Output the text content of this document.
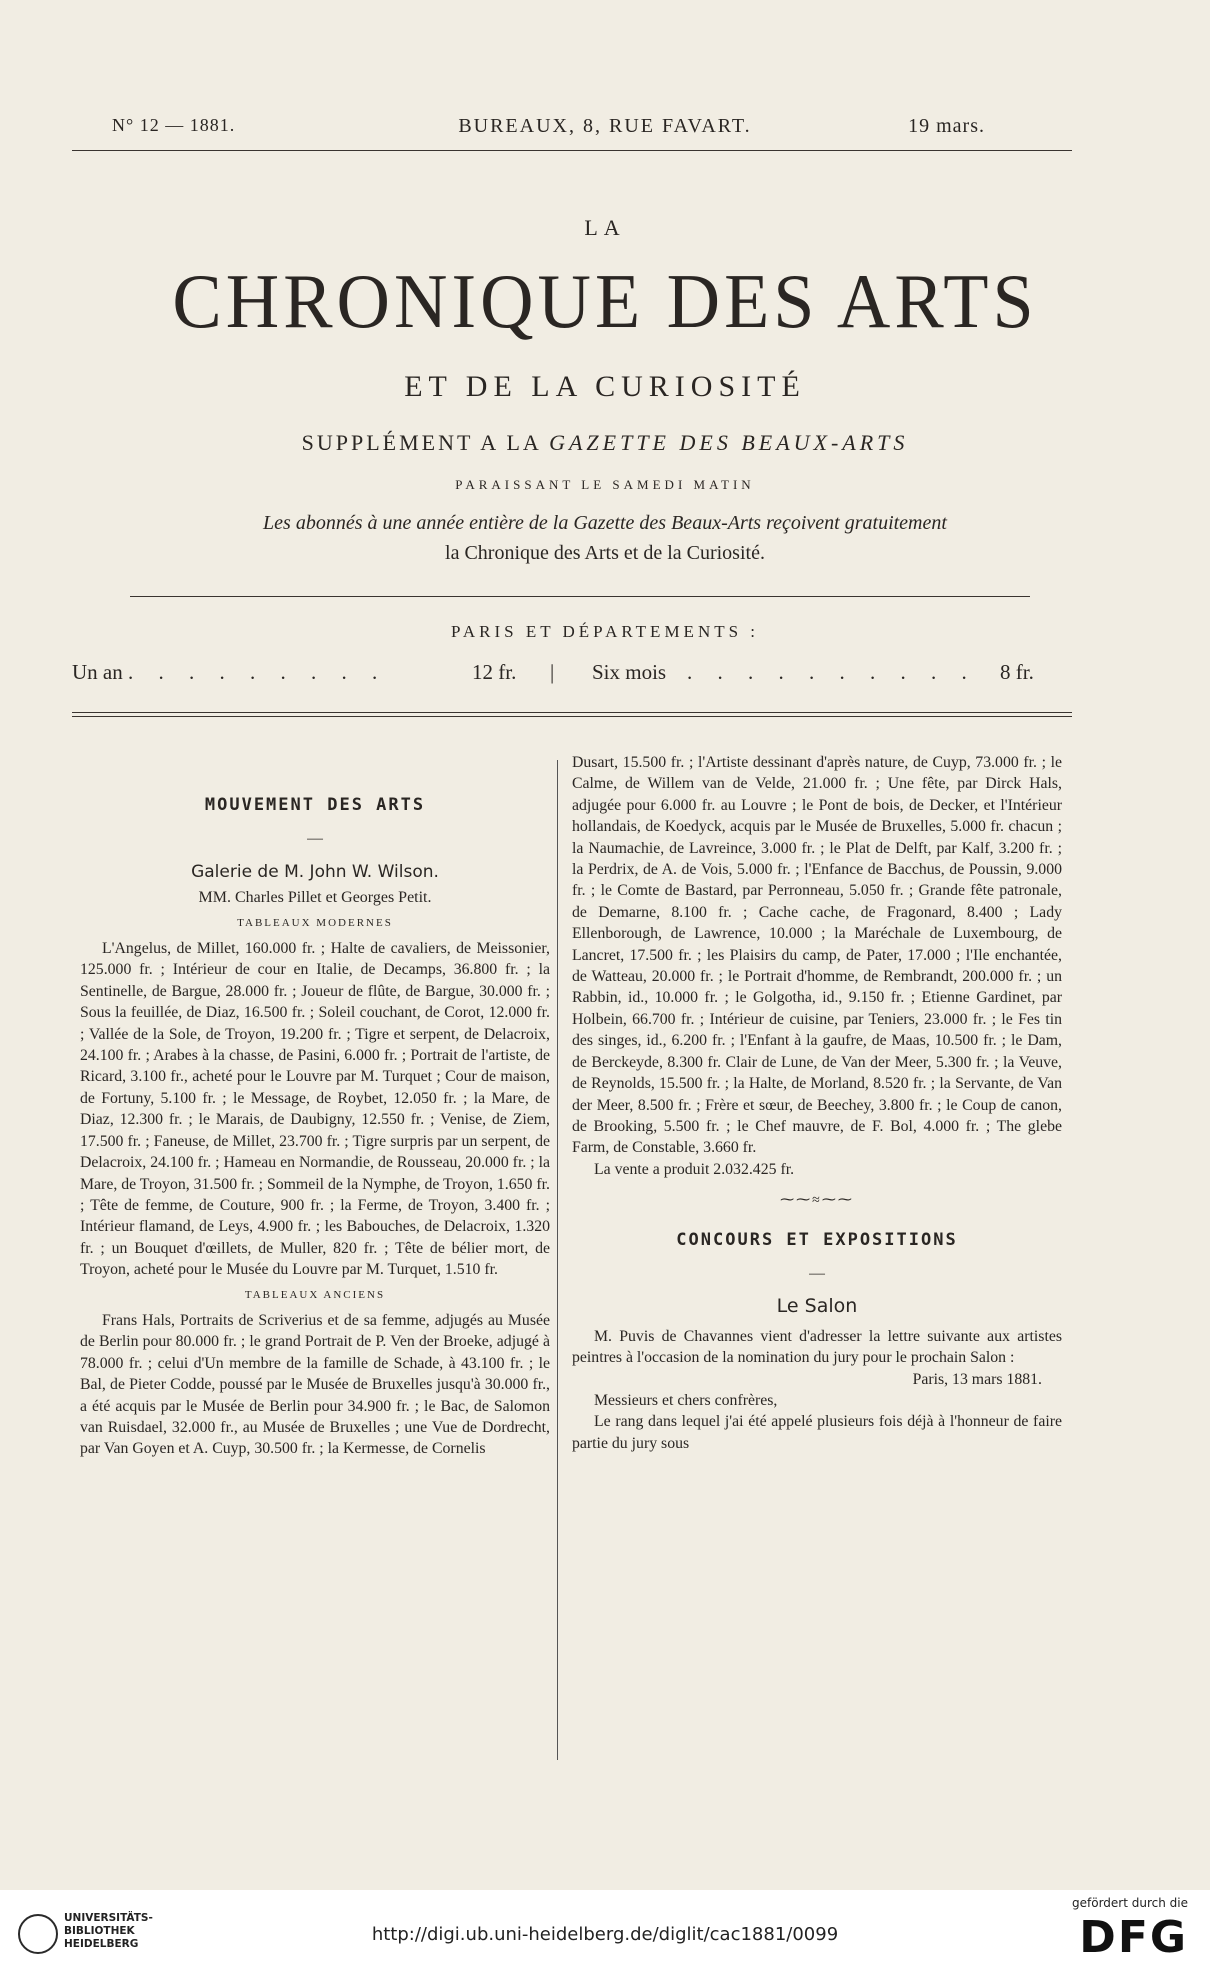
N° 12 — 1881.	BUREAUX, 8, RUE FAVART.	19 mars.
LA
CHRONIQUE DES ARTS
ET DE LA CURIOSITÉ
SUPPLÉMENT A LA GAZETTE DES BEAUX-ARTS
PARAISSANT LE SAMEDI MATIN
Les abonnés à une année entière de la Gazette des Beaux-Arts reçoivent gratuitement
la Chronique des Arts et de la Curiosité.
PARIS ET DÉPARTEMENTS :
Un an . . . . . . . . .	12 fr. | Six mois . . . . . . . . . . 8 fr.
MOUVEMENT DES ARTS
—
Galerie de M. John W. Wilson.
MM. Charles Pillet et Georges Petit.
TABLEAUX MODERNES

L'Angelus, de Millet, 160.000 fr. ; Halte de cavaliers, de Meissonier, 125.000 fr. ; Intérieur de cour en Italie, de Decamps, 36.800 fr. ; la Sentinelle, de Bargue, 28.000 fr. ; Joueur de flûte, de Bargue, 30.000 fr. ; Sous la feuillée, de Diaz, 16.500 fr. ; Soleil couchant, de Corot, 12.000 fr. ; Vallée de la Sole, de Troyon, 19.200 fr. ; Tigre et serpent, de Delacroix, 24.100 fr. ; Arabes à la chasse, de Pasini, 6.000 fr. ; Portrait de l'artiste, de Ricard, 3.100 fr., acheté pour le Louvre par M. Turquet ; Cour de maison, de Fortuny, 5.100 fr. ; le Message, de Roybet, 12.050 fr. ; la Mare, de Diaz, 12.300 fr. ; le Marais, de Daubigny, 12.550 fr. ; Venise, de Ziem, 17.500 fr. ; Faneuse, de Millet, 23.700 fr. ; Tigre surpris par un serpent, de Delacroix, 24.100 fr. ; Hameau en Normandie, de Rousseau, 20.000 fr. ; la Mare, de Troyon, 31.500 fr. ; Sommeil de la Nymphe, de Troyon, 1.650 fr. ; Tête de femme, de Couture, 900 fr. ; la Ferme, de Troyon, 3.400 fr. ; Intérieur flamand, de Leys, 4.900 fr. ; les Babouches, de Delacroix, 1.320 fr. ; un Bouquet d'œillets, de Muller, 820 fr. ; Tête de bélier mort, de Troyon, acheté pour le Musée du Louvre par M. Turquet, 1.510 fr.

TABLEAUX ANCIENS

Frans Hals, Portraits de Scriverius et de sa femme, adjugés au Musée de Berlin pour 80.000 fr. ; le grand Portrait de P. Ven der Broeke, adjugé à 78.000 fr. ; celui d'Un membre de la famille de Schade, à 43.100 fr. ; le Bal, de Pieter Codde, poussé par le Musée de Bruxelles jusqu'à 30.000 fr., a été acquis par le Musée de Berlin pour 34.900 fr. ; le Bac, de Salomon van Ruisdael, 32.000 fr., au Musée de Bruxelles ; une Vue de Dordrecht, par Van Goyen et A. Cuyp, 30.500 fr. ; la Kermesse, de Cornelis

Dusart, 15.500 fr. ; l'Artiste dessinant d'après nature, de Cuyp, 73.000 fr. ; le Calme, de Willem van de Velde, 21.000 fr. ; Une fête, par Dirck Hals, adjugée pour 6.000 fr. au Louvre ; le Pont de bois, de Decker, et l'Intérieur hollandais, de Koedyck, acquis par le Musée de Bruxelles, 5.000 fr. chacun ; la Naumachie, de Lavreince, 3.000 fr. ; le Plat de Delft, par Kalf, 3.200 fr. ; la Perdrix, de A. de Vois, 5.000 fr. ; l'Enfance de Bacchus, de Poussin, 9.000 fr. ; le Comte de Bastard, par Perronneau, 5.050 fr. ; Grande fête patronale, de Demarne, 8.100 fr. ; Cache cache, de Fragonard, 8.400 ; Lady Ellenborough, de Lawrence, 10.000 ; la Maréchale de Luxembourg, de Lancret, 17.500 fr. ; les Plaisirs du camp, de Pater, 17.000 ; l'Ile enchantée, de Watteau, 20.000 fr. ; le Portrait d'homme, de Rembrandt, 200.000 fr. ; un Rabbin, id., 10.000 fr. ; le Golgotha, id., 9.150 fr. ; Etienne Gardinet, par Holbein, 66.700 fr. ; Intérieur de cuisine, par Teniers, 23.000 fr. ; le Fes tin des singes, id., 6.200 fr. ; l'Enfant à la gaufre, de Maas, 10.500 fr. ; le Dam, de Berckeyde, 8.300 fr. Clair de Lune, de Van der Meer, 5.300 fr. ; la Veuve, de Reynolds, 15.500 fr. ; la Halte, de Morland, 8.520 fr. ; la Servante, de Van der Meer, 8.500 fr. ; Frère et sœur, de Beechey, 3.800 fr. ; le Coup de canon, de Brooking, 5.500 fr. ; le Chef mauvre, de F. Bol, 4.000 fr. ; The glebe Farm, de Constable, 3.660 fr.

La vente a produit 2.032.425 fr.

⁓⁓≈⁓⁓
CONCOURS ET EXPOSITIONS
—
Le Salon

M. Puvis de Chavannes vient d'adresser la lettre suivante aux artistes peintres à l'occasion de la nomination du jury pour le prochain Salon :

Paris, 13 mars 1881.

Messieurs et chers confrères,

Le rang dans lequel j'ai été appelé plusieurs fois déjà à l'honneur de faire partie du jury sous

UNIVERSITÄTS-
BIBLIOTHEK
HEIDELBERG	http://digi.ub.uni-heidelberg.de/diglit/cac1881/0099
gefördert durch die
DFG
